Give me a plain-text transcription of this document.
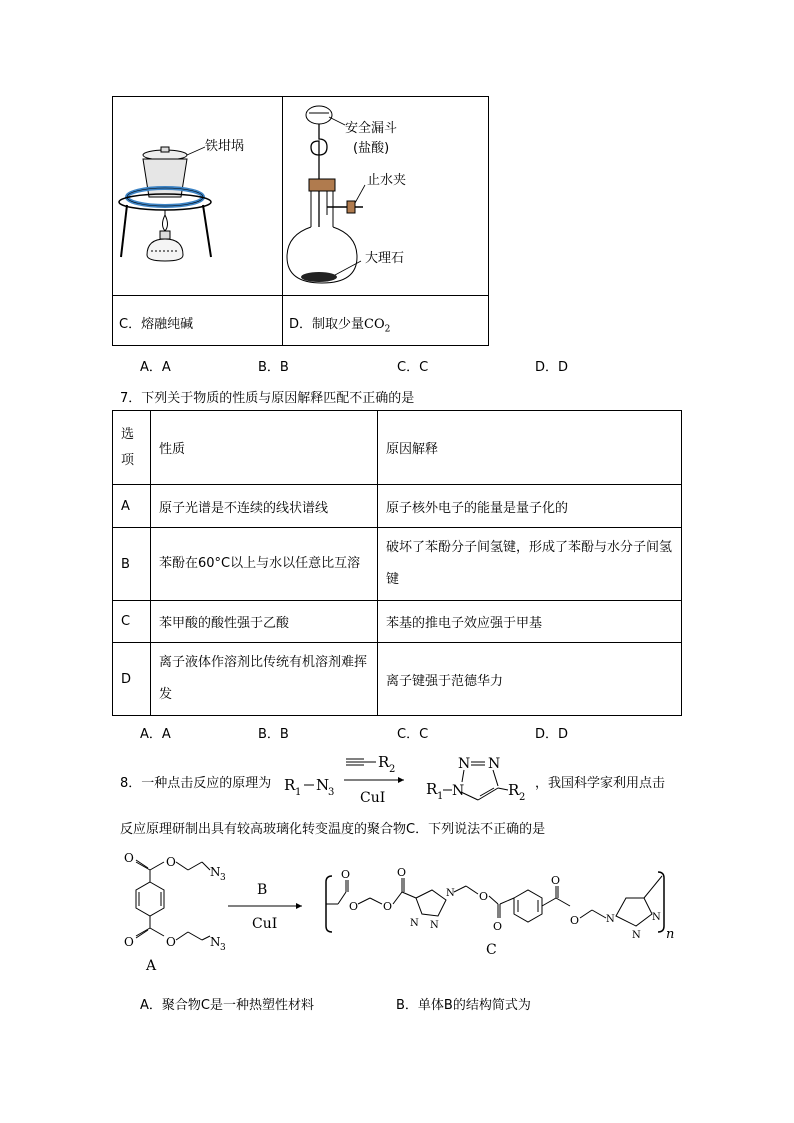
铁坩埚
安全漏斗
(盐酸)
止水夹
大理石
C．熔融纯碱	D．制取少量$CO_2$
A．A	B．B	C．C	D．D
7．下列关于物质的性质与原因解释匹配不正确的是
选项	性质	原因解释
A	原子光谱是不连续的线状谱线	原子核外电子的能量是量子化的
B	苯酚在60°C以上与水以任意比互溶	破坏了苯酚分子间氢键，形成了苯酚与水分子间氢键
C	苯甲酸的酸性强于乙酸	苯基的推电子效应强于甲基
D	离子液体作溶剂比传统有机溶剂难挥发	离子键强于范德华力
A．A	B．B	C．C	D．D
8．一种点击反应的原理为 R 1 N
3
R 2
CuI	R 1 N
N N
R 2
，我国科学家利用点击
反应原理研制出具有较高玻璃化转变温度的聚合物C．下列说法不正确的是
O	O
N 3
O	O	N 3
A
B
CuI
O
O O
O
N
N
N O
O
O
O	N	N
N n
C
A．聚合物C是一种热塑性材料	B．单体B的结构简式为
